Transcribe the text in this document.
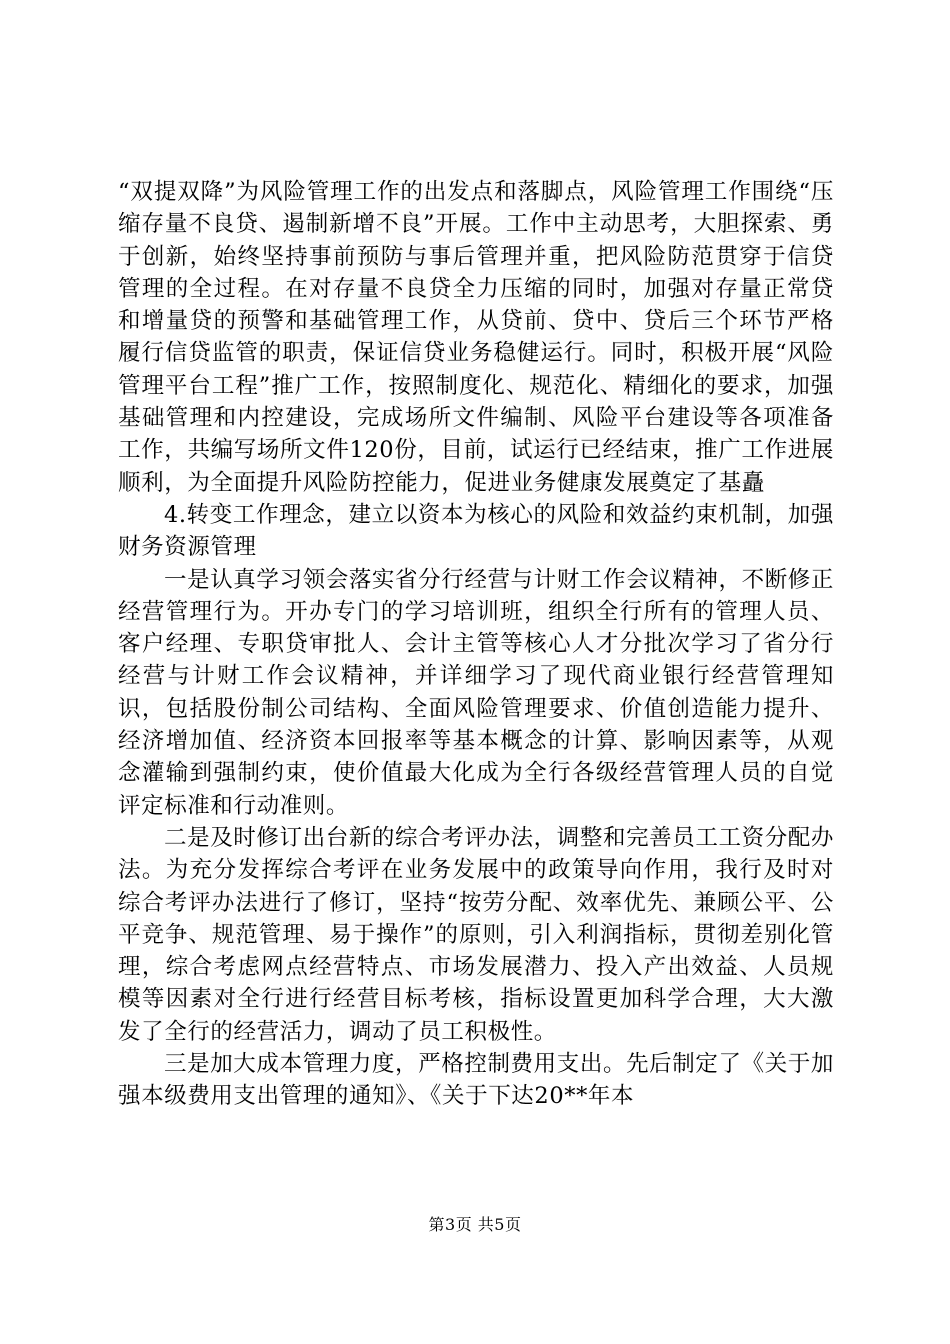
“双提双降”为风险管理工作的出发点和落脚点，风险管理工作围绕“压缩存量不良贷、遏制新增不良”开展。工作中主动思考，大胆探索、勇于创新，始终坚持事前预防与事后管理并重，把风险防范贯穿于信贷管理的全过程。在对存量不良贷全力压缩的同时，加强对存量正常贷和增量贷的预警和基础管理工作，从贷前、贷中、贷后三个环节严格履行信贷监管的职责，保证信贷业务稳健运行。同时，积极开展“风险管理平台工程”推广工作，按照制度化、规范化、精细化的要求，加强基础管理和内控建设，完成场所文件编制、风险平台建设等各项准备工作，共编写场所文件120份，目前，试运行已经结束，推广工作进展顺利，为全面提升风险防控能力，促进业务健康发展奠定了基矗

4.转变工作理念，建立以资本为核心的风险和效益约束机制，加强财务资源管理

一是认真学习领会落实省分行经营与计财工作会议精神，不断修正经营管理行为。开办专门的学习培训班，组织全行所有的管理人员、客户经理、专职贷审批人、会计主管等核心人才分批次学习了省分行经营与计财工作会议精神，并详细学习了现代商业银行经营管理知识，包括股份制公司结构、全面风险管理要求、价值创造能力提升、经济增加值、经济资本回报率等基本概念的计算、影响因素等，从观念灌输到强制约束，使价值最大化成为全行各级经营管理人员的自觉评定标准和行动准则。

二是及时修订出台新的综合考评办法，调整和完善员工工资分配办法。为充分发挥综合考评在业务发展中的政策导向作用，我行及时对综合考评办法进行了修订，坚持“按劳分配、效率优先、兼顾公平、公平竞争、规范管理、易于操作”的原则，引入利润指标，贯彻差别化管理，综合考虑网点经营特点、市场发展潜力、投入产出效益、人员规模等因素对全行进行经营目标考核，指标设置更加科学合理，大大激发了全行的经营活力，调动了员工积极性。

三是加大成本管理力度，严格控制费用支出。先后制定了《关于加强本级费用支出管理的通知》、《关于下达20**年本

第3页 共5页
